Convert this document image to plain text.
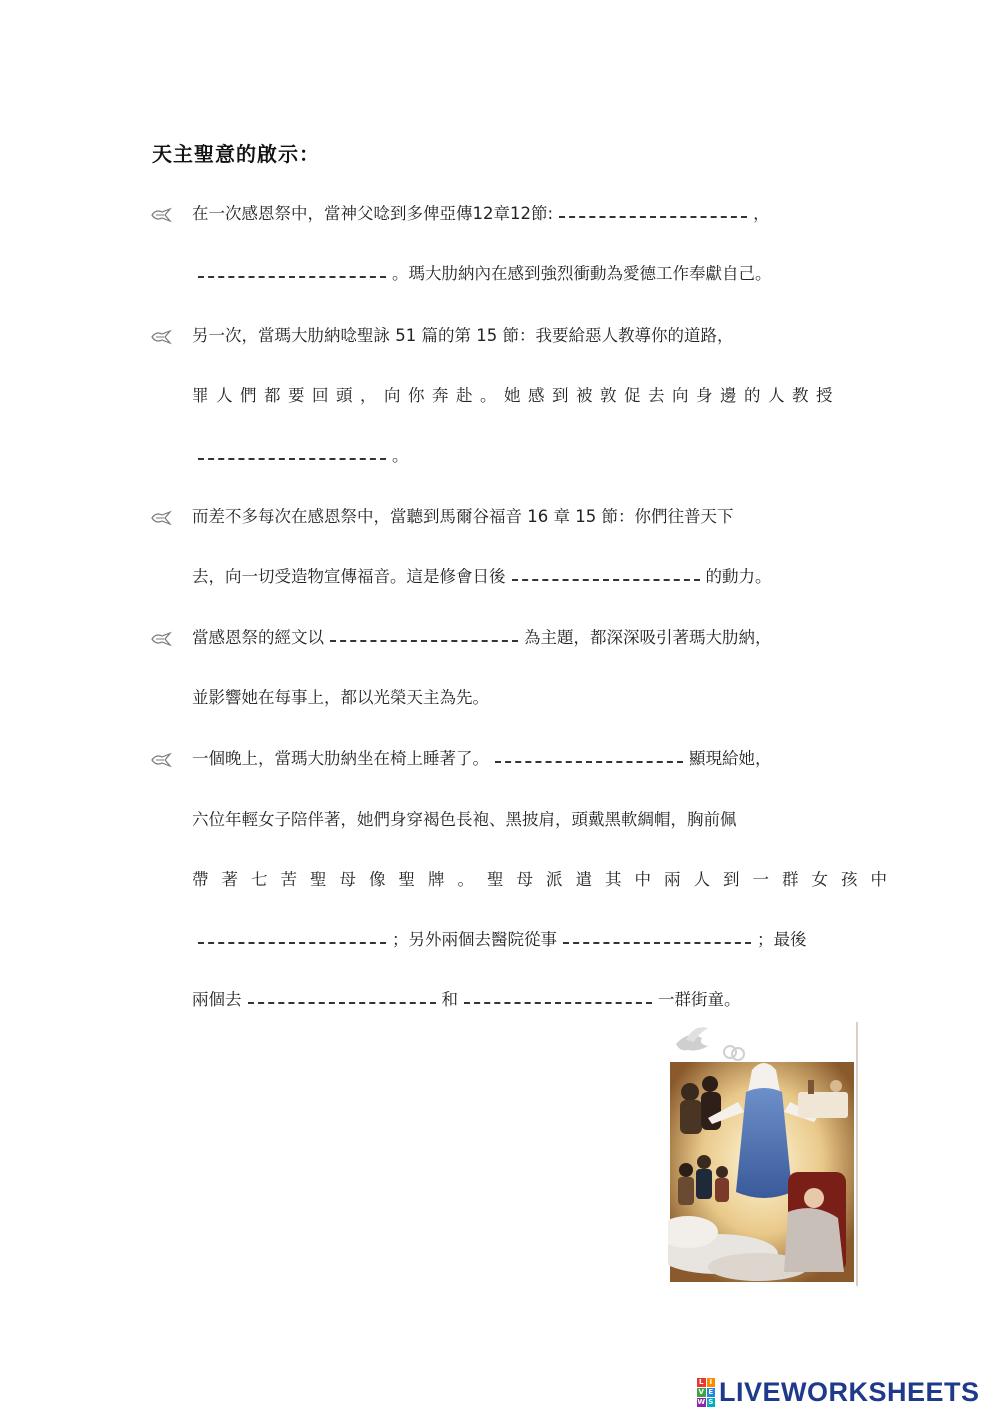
天主聖意的啟示：
在一次感恩祭中，當神父唸到多俾亞傳12章12節:	，
。瑪大肋納內在感到強烈衝動為愛德工作奉獻自己。
另一次，當瑪大肋納唸聖詠 51 篇的第 15 節：我要給惡人教導你的道路，
罪人們都要回頭，向你奔赴。她感到被敦促去向身邊的人教授
。
而差不多每次在感恩祭中，當聽到馬爾谷福音 16 章 15 節：你們往普天下
去，向一切受造物宣傳福音。這是修會日後	的動力。
當感恩祭的經文以	為主題，都深深吸引著瑪大肋納，
並影響她在每事上，都以光榮天主為先。
一個晚上，當瑪大肋納坐在椅上睡著了。	顯現給她，
六位年輕女子陪伴著，她們身穿褐色長袍、黑披肩，頭戴黑軟綢帽，胸前佩
帶著七苦聖母像聖牌。聖母派遣其中兩人到一群女孩中
；另外兩個去醫院從事	；最後
兩個去	和	一群街童。
L I
V E
W S LIVEWORKSHEETS
